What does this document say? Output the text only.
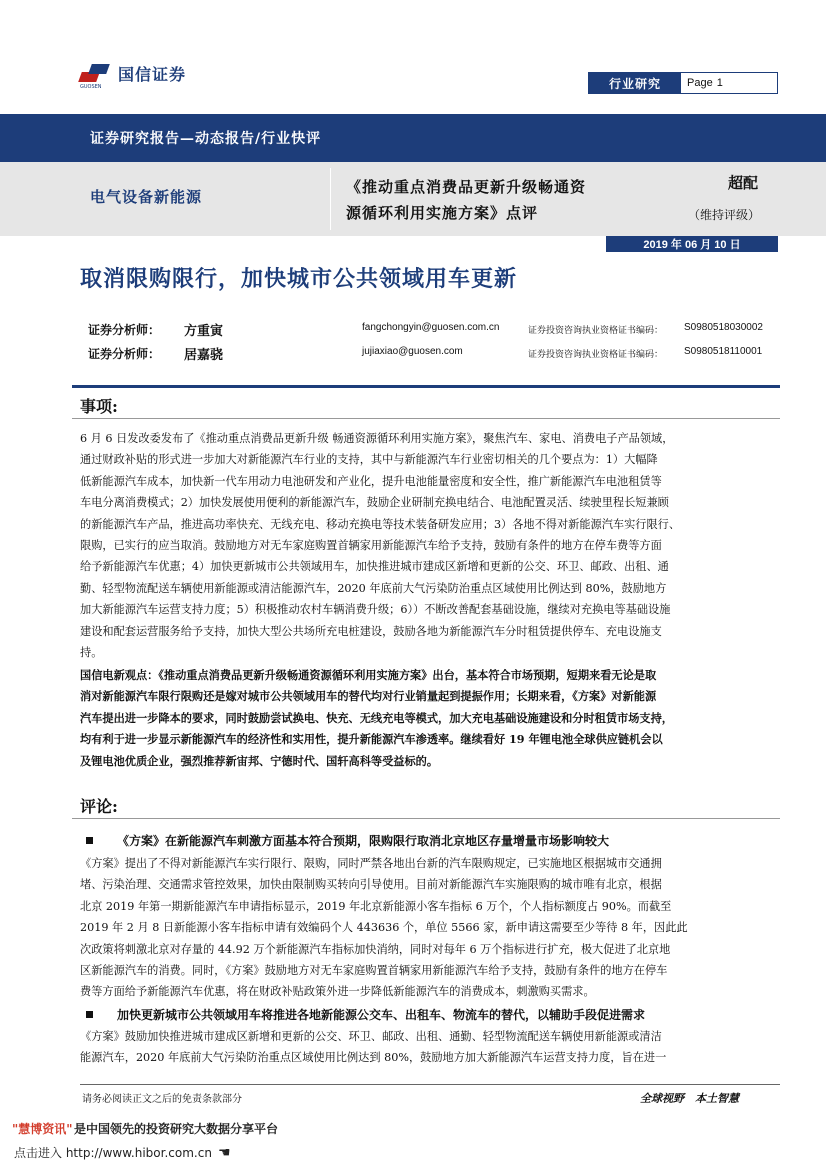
GUOSEN
国信证券	行业研究	Page 1
证券研究报告—动态报告/行业快评
电气设备新能源
《推动重点消费品更新升级畅通资
源循环利用实施方案》点评
超配
（维持评级）
2019 年 06 月 10 日
取消限购限行，加快城市公共领域用车更新
证券分析师： 方重寅	fangchongyin@guosen.com.cn	证券投资咨询执业资格证书编码： S0980518030002
证券分析师： 居嘉骁	jujiaxiao@guosen.com	证券投资咨询执业资格证书编码： S0980518110001
事项:
6 月 6 日发改委发布了《推动重点消费品更新升级 畅通资源循环利用实施方案》，聚焦汽车、家电、消费电子产品领域，
通过财政补贴的形式进一步加大对新能源汽车行业的支持，其中与新能源汽车行业密切相关的几个要点为：1）大幅降
低新能源汽车成本，加快新一代车用动力电池研发和产业化，提升电池能量密度和安全性，推广新能源汽车电池租赁等
车电分离消费模式；2）加快发展使用便利的新能源汽车，鼓励企业研制充换电结合、电池配置灵活、续驶里程长短兼顾
的新能源汽车产品，推进高功率快充、无线充电、移动充换电等技术装备研发应用；3）各地不得对新能源汽车实行限行、
限购，已实行的应当取消。鼓励地方对无车家庭购置首辆家用新能源汽车给予支持，鼓励有条件的地方在停车费等方面
给予新能源汽车优惠；4）加快更新城市公共领域用车，加快推进城市建成区新增和更新的公交、环卫、邮政、出租、通
勤、轻型物流配送车辆使用新能源或清洁能源汽车，2020 年底前大气污染防治重点区域使用比例达到 80%，鼓励地方
加大新能源汽车运营支持力度；5）积极推动农村车辆消费升级；6））不断改善配套基础设施，继续对充换电等基础设施
建设和配套运营服务给予支持，加快大型公共场所充电桩建设，鼓励各地为新能源汽车分时租赁提供停车、充电设施支
持。
国信电新观点：《推动重点消费品更新升级畅通资源循环利用实施方案》出台，基本符合市场预期，短期来看无论是取
消对新能源汽车限行限购还是嫁对城市公共领域用车的替代均对行业销量起到提振作用；长期来看，《方案》对新能源
汽车提出进一步降本的要求，同时鼓励尝试换电、快充、无线充电等模式，加大充电基础设施建设和分时租赁市场支持，
均有利于进一步显示新能源汽车的经济性和实用性，提升新能源汽车渗透率。继续看好 19 年锂电池全球供应链机会以
及锂电池优质企业，强烈推荐新宙邦、宁德时代、国轩高科等受益标的。
评论:
《方案》在新能源汽车刺激方面基本符合预期，限购限行取消北京地区存量增量市场影响较大
《方案》提出了不得对新能源汽车实行限行、限购，同时严禁各地出台新的汽车限购规定，已实施地区根据城市交通拥
堵、污染治理、交通需求管控效果，加快由限制购买转向引导使用。目前对新能源汽车实施限购的城市唯有北京，根据
北京 2019 年第一期新能源汽车申请指标显示，2019 年北京新能源小客车指标 6 万个，个人指标额度占 90%。而截至
2019 年 2 月 8 日新能源小客车指标申请有效编码个人 443636 个，单位 5566 家，新申请这需要至少等待 8 年，因此此
次政策将刺激北京对存量的 44.92 万个新能源汽车指标加快消纳，同时对每年 6 万个指标进行扩充，极大促进了北京地
区新能源汽车的消费。同时，《方案》鼓励地方对无车家庭购置首辆家用新能源汽车给予支持，鼓励有条件的地方在停车
费等方面给予新能源汽车优惠，将在财政补贴政策外进一步降低新能源汽车的消费成本，刺激购买需求。
加快更新城市公共领域用车将推进各地新能源公交车、出租车、物流车的替代，以辅助手段促进需求
《方案》鼓励加快推进城市建成区新增和更新的公交、环卫、邮政、出租、通勤、轻型物流配送车辆使用新能源或清洁
能源汽车，2020 年底前大气污染防治重点区域使用比例达到 80%，鼓励地方加大新能源汽车运营支持力度，旨在进一
请务必阅读正文之后的免责条款部分	全球视野　本土智慧
"慧博资讯" 是中国领先的投资研究大数据分享平台
点击进入 http://www.hibor.com.cn ☚
